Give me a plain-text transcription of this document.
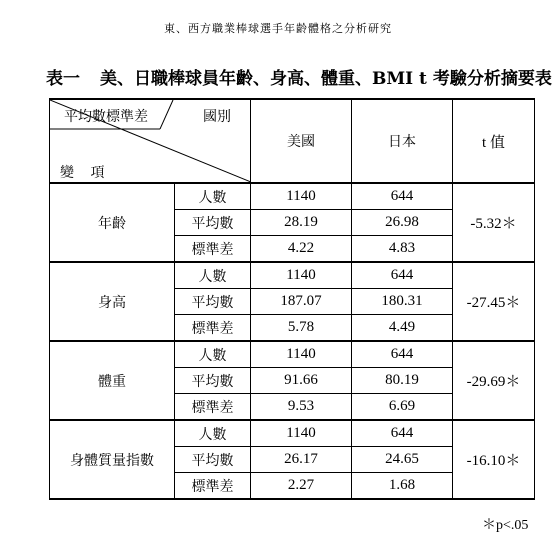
東、西方職業棒球選手年齡體格之分析研究
表一 美、日職棒球員年齡、身高、體重、BMI t 考驗分析摘要表
平均數標準差 國別
變 項		美國	日本	t 值
年齡	人數	1140	644	-5.32＊
	平均數	28.19	26.98	
	標準差	4.22	4.83	
身高	人數	1140	644	-27.45＊
	平均數	187.07	180.31	
	標準差	5.78	4.49	
體重	人數	1140	644	-29.69＊
	平均數	91.66	80.19	
	標準差	9.53	6.69	
身體質量指數	人數	1140	644	-16.10＊
	平均數	26.17	24.65	
	標準差	2.27	1.68	
＊p<.05
